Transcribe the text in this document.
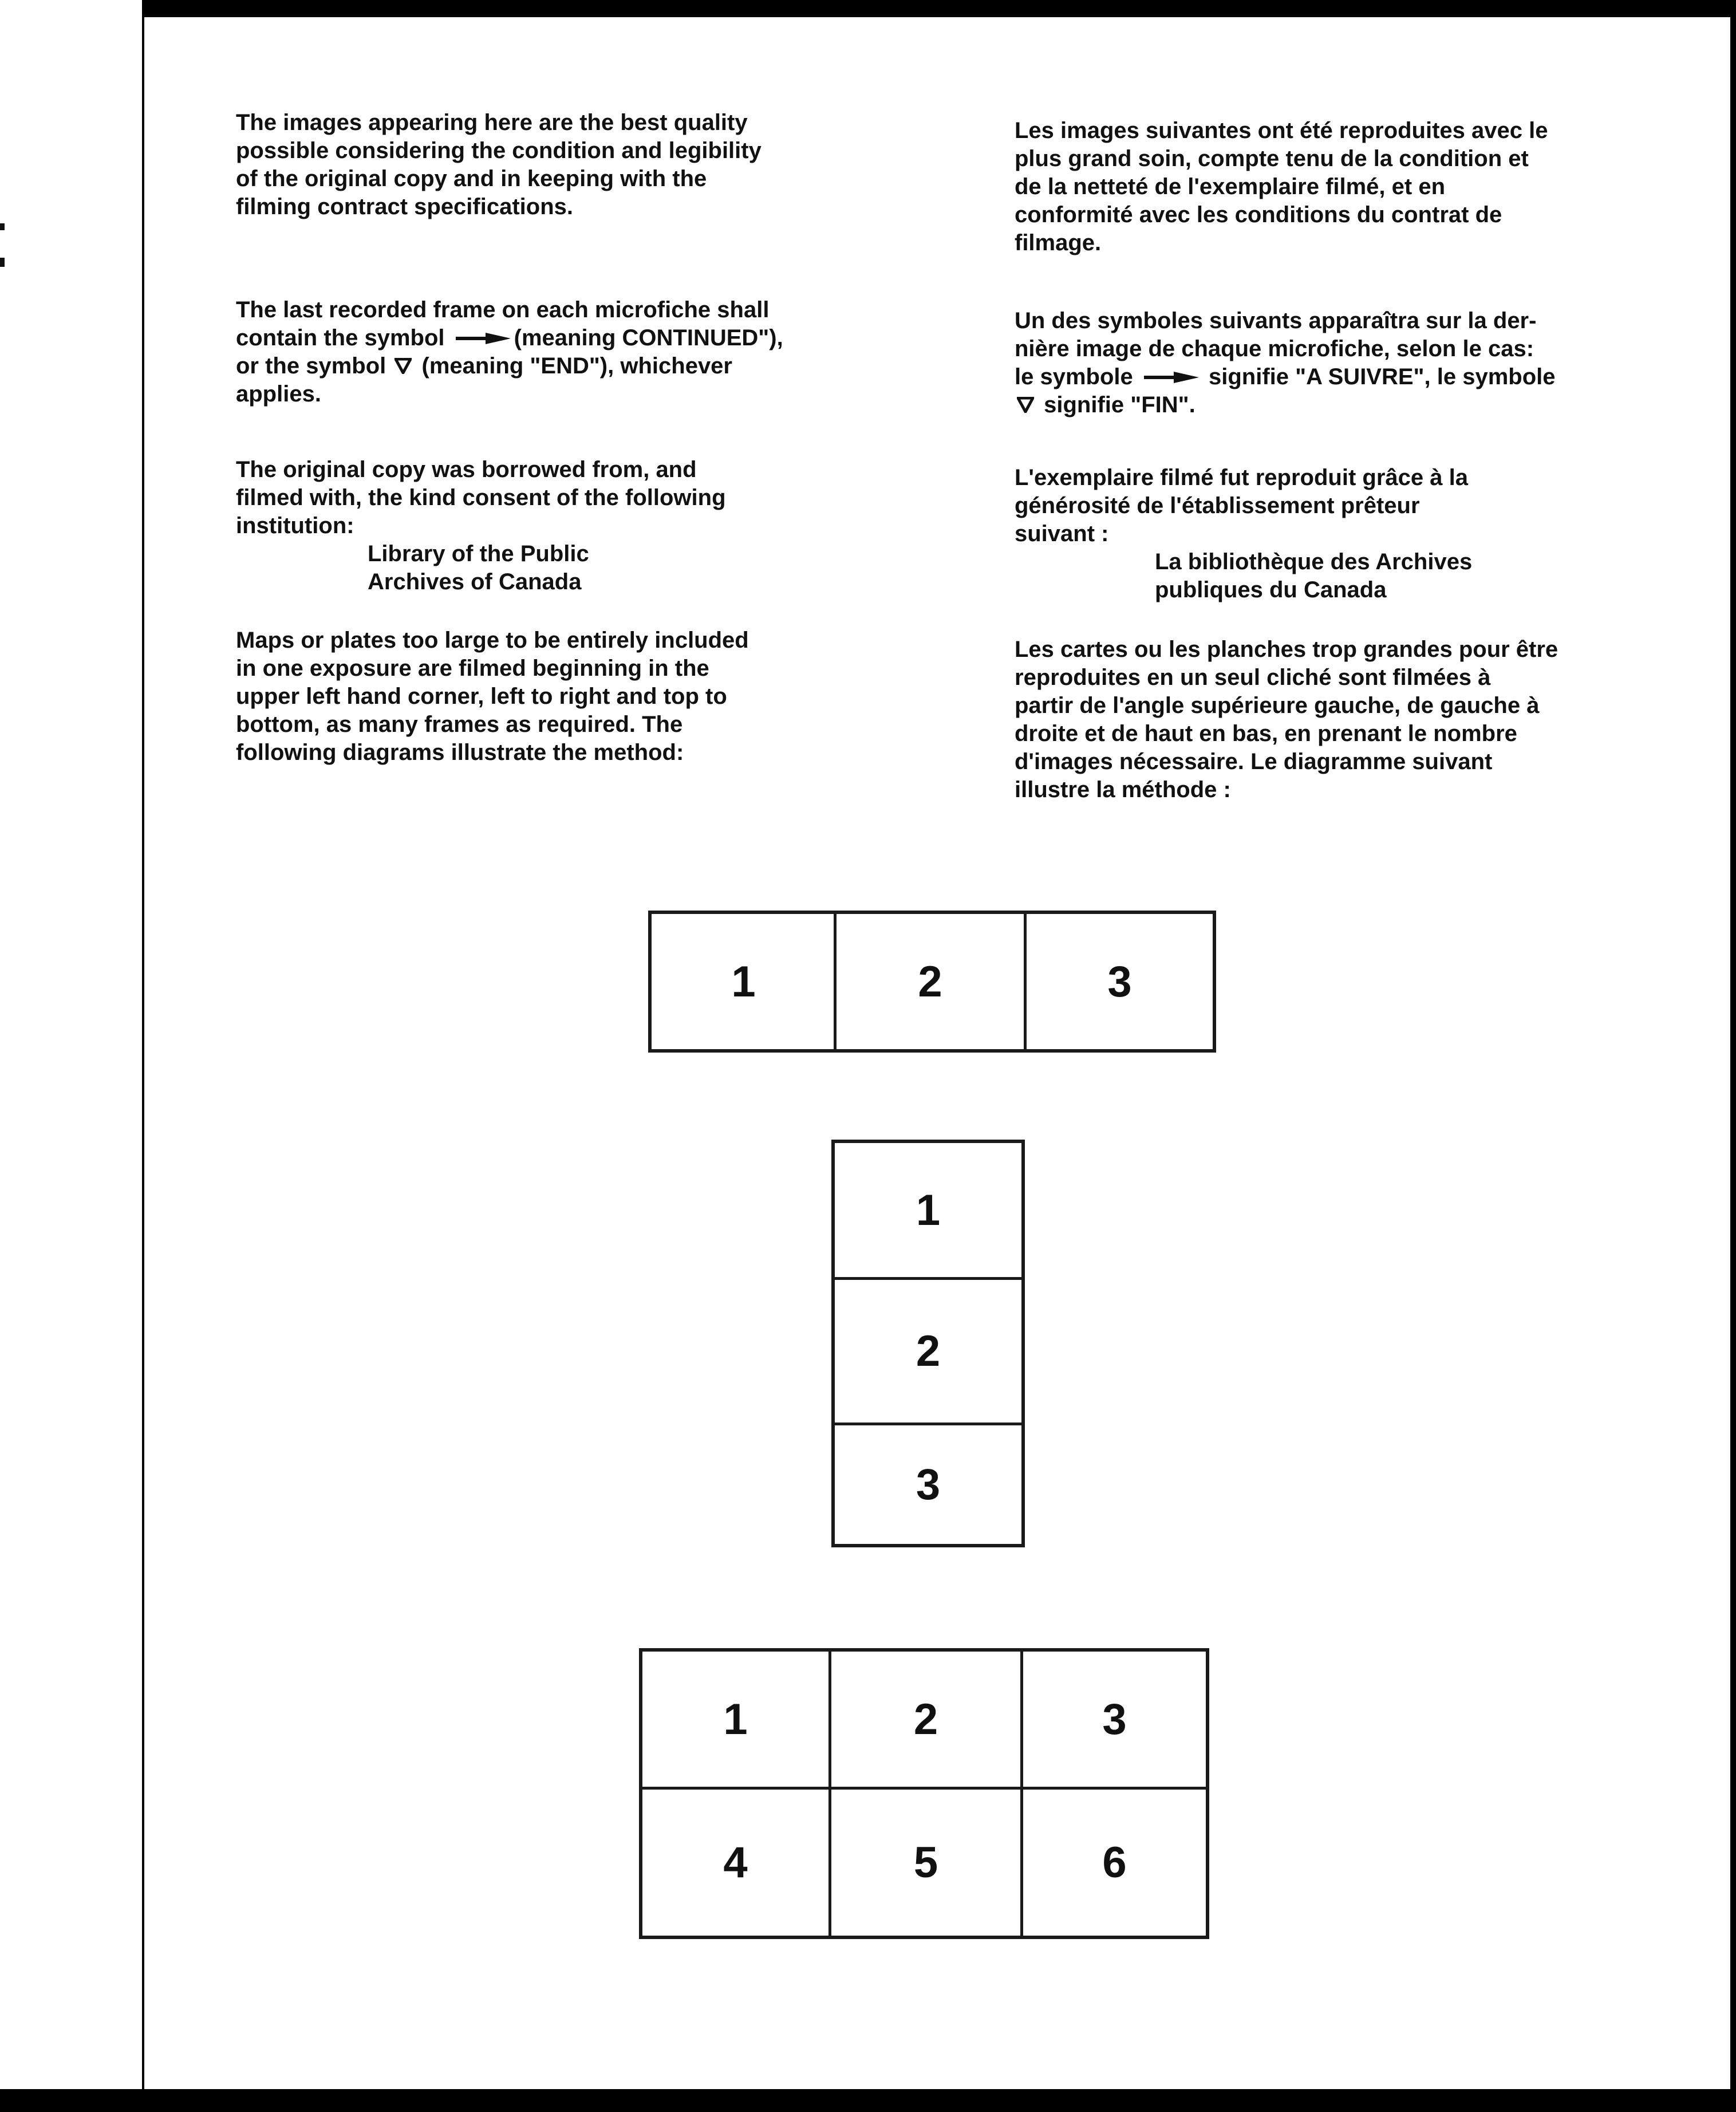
The images appearing here are the best quality
possible considering the condition and legibility
of the original copy and in keeping with the
filming contract specifications.
The last recorded frame on each microfiche shall
contain the symbol	(meaning CONTINUED"),
or the symbol (meaning "END"), whichever
applies.
The original copy was borrowed from, and
filmed with, the kind consent of the following
institution:
Library of the Public
Archives of Canada
Maps or plates too large to be entirely included
in one exposure are filmed beginning in the
upper left hand corner, left to right and top to
bottom, as many frames as required. The
following diagrams illustrate the method:
Les images suivantes ont été reproduites avec le
plus grand soin, compte tenu de la condition et
de la netteté de l'exemplaire filmé, et en
conformité avec les conditions du contrat de
filmage.
Un des symboles suivants apparaîtra sur la der-
nière image de chaque microfiche, selon le cas:
le symbole	signifie "A SUIVRE", le symbole
signifie "FIN".
L'exemplaire filmé fut reproduit grâce à la
générosité de l'établissement prêteur
suivant :
La bibliothèque des Archives
publiques du Canada
Les cartes ou les planches trop grandes pour être
reproduites en un seul cliché sont filmées à
partir de l'angle supérieure gauche, de gauche à
droite et de haut en bas, en prenant le nombre
d'images nécessaire. Le diagramme suivant
illustre la méthode :
1	2	3
1
2
3
1	2	3
4	5	6
